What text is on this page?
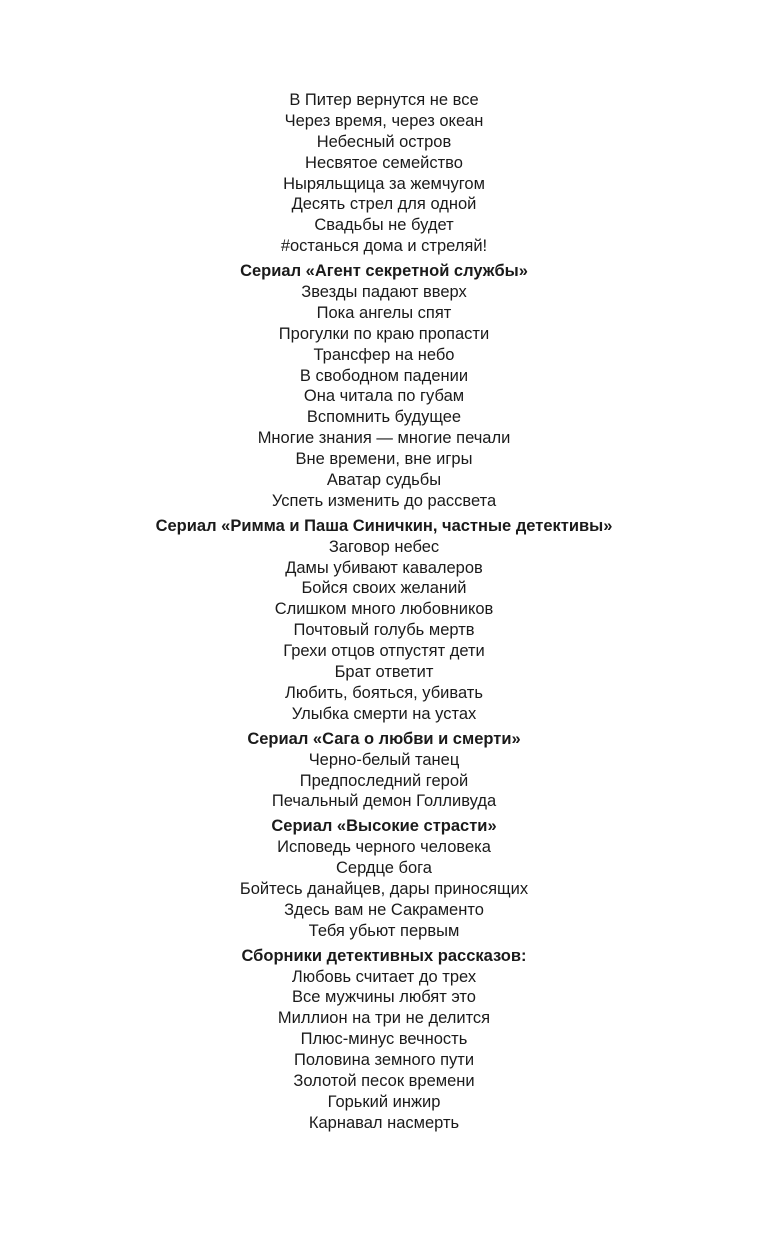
В Питер вернутся не все
Через время, через океан
Небесный остров
Несвятое семейство
Ныряльщица за жемчугом
Десять стрел для одной
Свадьбы не будет
#останься дома и стреляй!
Сериал «Агент секретной службы»
Звезды падают вверх
Пока ангелы спят
Прогулки по краю пропасти
Трансфер на небо
В свободном падении
Она читала по губам
Вспомнить будущее
Многие знания — многие печали
Вне времени, вне игры
Аватар судьбы
Успеть изменить до рассвета
Сериал «Римма и Паша Синичкин, частные детективы»
Заговор небес
Дамы убивают кавалеров
Бойся своих желаний
Слишком много любовников
Почтовый голубь мертв
Грехи отцов отпустят дети
Брат ответит
Любить, бояться, убивать
Улыбка смерти на устах
Сериал «Сага о любви и смерти»
Черно-белый танец
Предпоследний герой
Печальный демон Голливуда
Сериал «Высокие страсти»
Исповедь черного человека
Сердце бога
Бойтесь данайцев, дары приносящих
Здесь вам не Сакраменто
Тебя убьют первым
Сборники детективных рассказов:
Любовь считает до трех
Все мужчины любят это
Миллион на три не делится
Плюс-минус вечность
Половина земного пути
Золотой песок времени
Горький инжир
Карнавал насмерть
